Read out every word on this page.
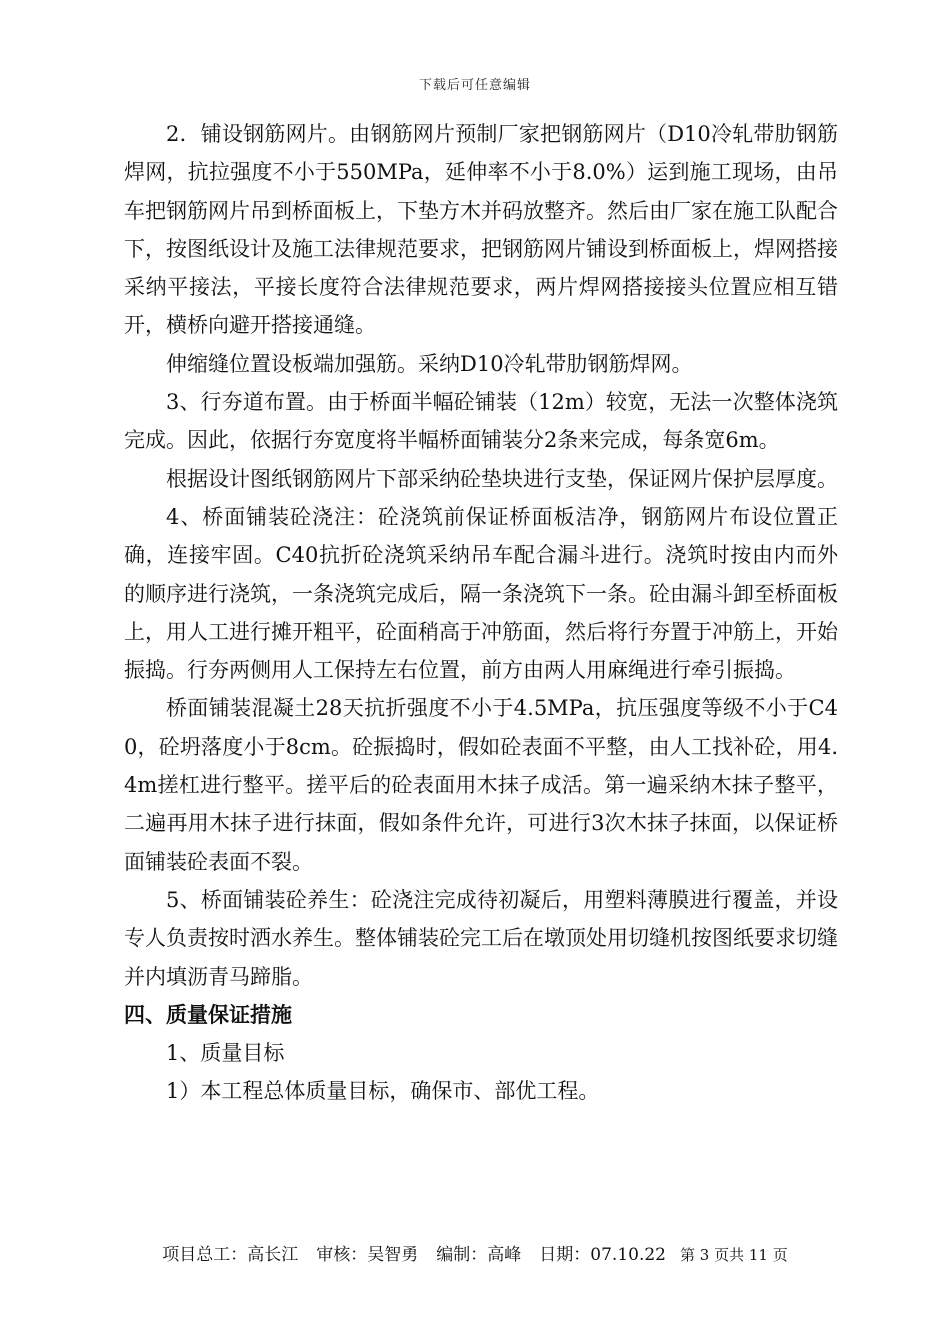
下载后可任意编辑

2．铺设钢筋网片。由钢筋网片预制厂家把钢筋网片（D10冷轧带肋钢筋焊网，抗拉强度不小于550MPa，延伸率不小于8.0%）运到施工现场，由吊车把钢筋网片吊到桥面板上，下垫方木并码放整齐。然后由厂家在施工队配合下，按图纸设计及施工法律规范要求，把钢筋网片铺设到桥面板上，焊网搭接采纳平接法，平接长度符合法律规范要求，两片焊网搭接接头位置应相互错开，横桥向避开搭接通缝。

伸缩缝位置设板端加强筋。采纳D10冷轧带肋钢筋焊网。

3、行夯道布置。由于桥面半幅砼铺装（12m）较宽，无法一次整体浇筑完成。因此，依据行夯宽度将半幅桥面铺装分2条来完成，每条宽6m。

根据设计图纸钢筋网片下部采纳砼垫块进行支垫，保证网片保护层厚度。

4、桥面铺装砼浇注：砼浇筑前保证桥面板洁净，钢筋网片布设位置正确，连接牢固。C40抗折砼浇筑采纳吊车配合漏斗进行。浇筑时按由内而外的顺序进行浇筑，一条浇筑完成后，隔一条浇筑下一条。砼由漏斗卸至桥面板上，用人工进行摊开粗平，砼面稍高于冲筋面，然后将行夯置于冲筋上，开始振捣。行夯两侧用人工保持左右位置，前方由两人用麻绳进行牵引振捣。

桥面铺装混凝土28天抗折强度不小于4.5MPa，抗压强度等级不小于C40，砼坍落度小于8cm。砼振捣时，假如砼表面不平整，由人工找补砼，用4.4m搓杠进行整平。搓平后的砼表面用木抹子成活。第一遍采纳木抹子整平，二遍再用木抹子进行抹面，假如条件允许，可进行3次木抹子抹面，以保证桥面铺装砼表面不裂。

5、桥面铺装砼养生：砼浇注完成待初凝后，用塑料薄膜进行覆盖，并设专人负责按时洒水养生。整体铺装砼完工后在墩顶处用切缝机按图纸要求切缝并内填沥青马蹄脂。

四、质量保证措施

1、质量目标

1）本工程总体质量目标，确保市、部优工程。

项目总工：高长江 审核：吴智勇 编制：高峰 日期：07.10.22 第 3 页共 11 页
